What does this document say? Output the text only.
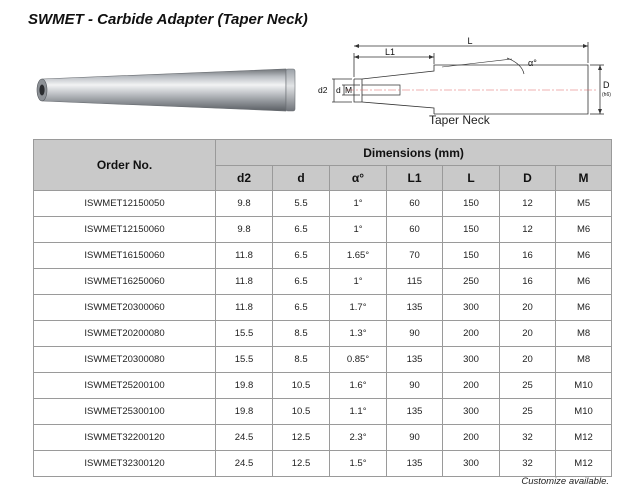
SWMET - Carbide Adapter (Taper Neck)
L1
L
α°
d2 d M	D
(h6)
Taper Neck
Order No.	Dimensions (mm)						
	d2	d	α°	L1	L	D	M
ISWMET12150050	9.8	5.5	1°	60	150	12	M5
ISWMET12150060	9.8	6.5	1°	60	150	12	M6
ISWMET16150060	11.8	6.5	1.65°	70	150	16	M6
ISWMET16250060	11.8	6.5	1°	115	250	16	M6
ISWMET20300060	11.8	6.5	1.7°	135	300	20	M6
ISWMET20200080	15.5	8.5	1.3°	90	200	20	M8
ISWMET20300080	15.5	8.5	0.85°	135	300	20	M8
ISWMET25200100	19.8	10.5	1.6°	90	200	25	M10
ISWMET25300100	19.8	10.5	1.1°	135	300	25	M10
ISWMET32200120	24.5	12.5	2.3°	90	200	32	M12
ISWMET32300120	24.5	12.5	1.5°	135	300	32	M12
Customize available.
